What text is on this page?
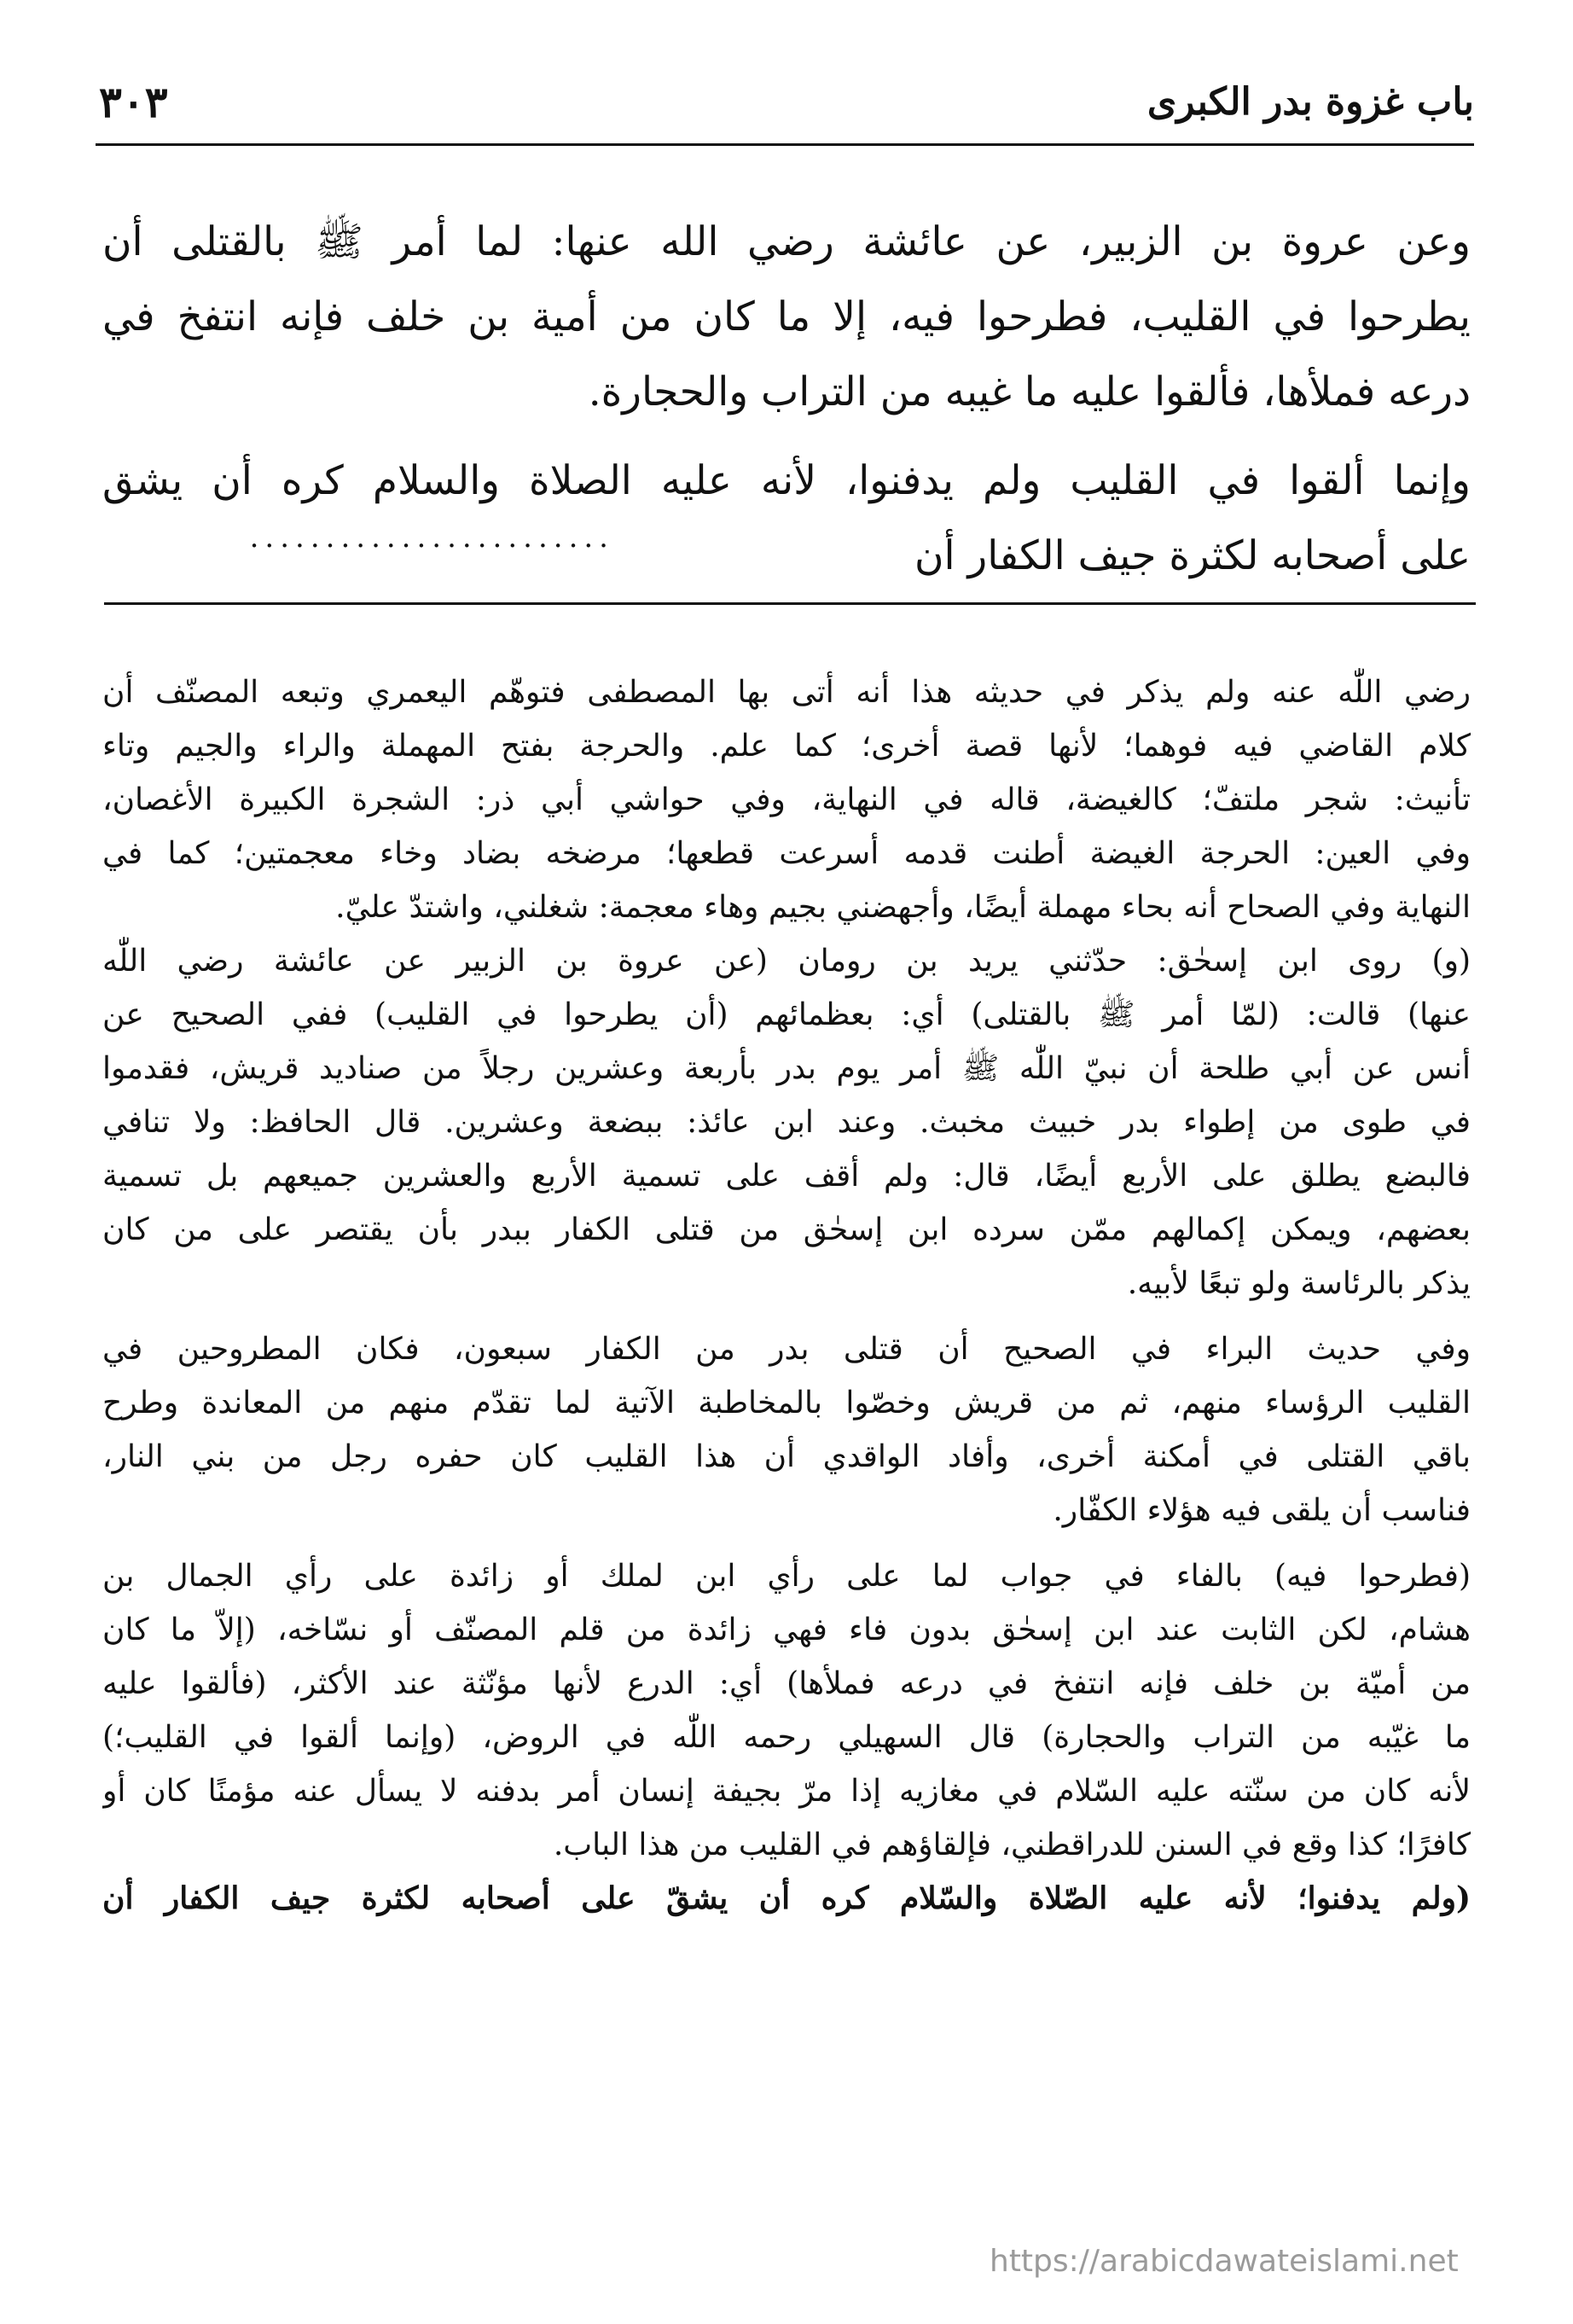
باب غزوة بدر الكبرى
٣٠٣
وعن عروة بن الزبير، عن عائشة رضي الله عنها: لما أمر ﷺ بالقتلى أن
يطرحوا في القليب، فطرحوا فيه، إلا ما كان من أمية بن خلف فإنه انتفخ في
درعه فملأها، فألقوا عليه ما غيبه من التراب والحجارة.
وإنما ألقوا في القليب ولم يدفنوا، لأنه عليه الصلاة والسلام كره أن يشق
على أصحابه لكثرة جيف الكفار أن
........................
رضي اللّٰه عنه ولم يذكر في حديثه هذا أنه أتى بها المصطفى فتوهّم اليعمري وتبعه المصنّف أن
كلام القاضي فيه فوهما؛ لأنها قصة أخرى؛ كما علم. والحرجة بفتح المهملة والراء والجيم وتاء
تأنيث: شجر ملتفّ؛ كالغيضة، قاله في النهاية، وفي حواشي أبي ذر: الشجرة الكبيرة الأغصان،
وفي العين: الحرجة الغيضة أطنت قدمه أسرعت قطعها؛ مرضخه بضاد وخاء معجمتين؛ كما في
النهاية وفي الصحاح أنه بحاء مهملة أيضًا، وأجهضني بجيم وهاء معجمة: شغلني، واشتدّ عليّ.
(و) روى ابن إسحٰق: حدّثني يريد بن رومان (عن عروة بن الزبير عن عائشة رضي اللّٰه
عنها) قالت: (لمّا أمر ﷺ بالقتلى) أي: بعظمائهم (أن يطرحوا في القليب) ففي الصحيح عن
أنس عن أبي طلحة أن نبيّ اللّٰه ﷺ أمر يوم بدر بأربعة وعشرين رجلاً من صناديد قريش، فقدموا
في طوى من إطواء بدر خبيث مخبث. وعند ابن عائذ: ببضعة وعشرين. قال الحافظ: ولا تنافي
فالبضع يطلق على الأربع أيضًا، قال: ولم أقف على تسمية الأربع والعشرين جميعهم بل تسمية
بعضهم، ويمكن إكمالهم ممّن سرده ابن إسحٰق من قتلى الكفار ببدر بأن يقتصر على من كان
يذكر بالرئاسة ولو تبعًا لأبيه.
وفي حديث البراء في الصحيح أن قتلى بدر من الكفار سبعون، فكان المطروحين في
القليب الرؤساء منهم، ثم من قريش وخصّوا بالمخاطبة الآتية لما تقدّم منهم من المعاندة وطرح
باقي القتلى في أمكنة أخرى، وأفاد الواقدي أن هذا القليب كان حفره رجل من بني النار،
فناسب أن يلقى فيه هؤلاء الكفّار.
(فطرحوا فيه) بالفاء في جواب لما على رأي ابن لملك أو زائدة على رأي الجمال بن
هشام، لكن الثابت عند ابن إسحٰق بدون فاء فهي زائدة من قلم المصنّف أو نسّاخه، (إلاّ ما كان
من أميّة بن خلف فإنه انتفخ في درعه فملأها) أي: الدرع لأنها مؤنّثة عند الأكثر، (فألقوا عليه
ما غيّبه من التراب والحجارة) قال السهيلي رحمه اللّٰه في الروض، (وإنما ألقوا في القليب؛)
لأنه كان من سنّته عليه السّلام في مغازيه إذا مرّ بجيفة إنسان أمر بدفنه لا يسأل عنه مؤمنًا كان أو
كافرًا؛ كذا وقع في السنن للدراقطني، فإلقاؤهم في القليب من هذا الباب.
(ولم يدفنوا؛ لأنه عليه الصّلاة والسّلام كره أن يشقّ على أصحابه لكثرة جيف الكفار أن
https://arabicdawateislami.net
